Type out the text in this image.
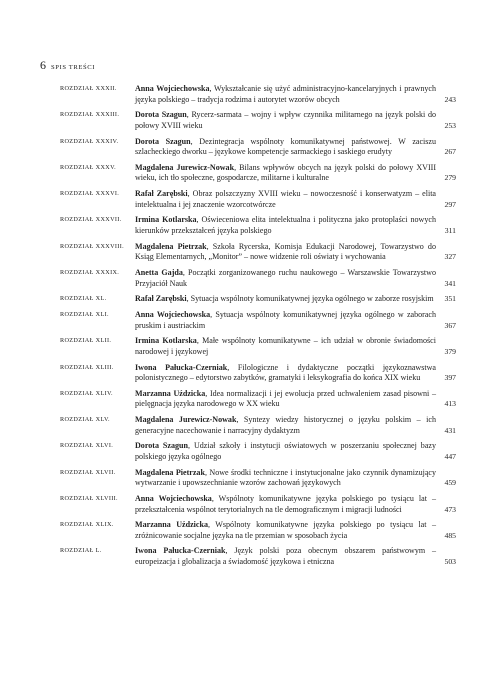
6 SPIS TREŚCI
ROZDZIAŁ XXXII. Anna Wojciechowska, Wykształcanie się użyć administracyjno-kancelaryjnych i prawnych języka polskiego – tradycja rodzima i autorytet wzorów obcych	243
ROZDZIAŁ XXXIII. Dorota Szagun, Rycerz-sarmata – wojny i wpływ czynnika militarnego na język polski do połowy XVIII wieku	253
ROZDZIAŁ XXXIV. Dorota Szagun, Dezintegracja wspólnoty komunikatywnej państwowej. W zaciszu szlacheckiego dworku – językowe kompetencje sarmackiego i saskiego erudyty	267
ROZDZIAŁ XXXV. Magdalena Jurewicz-Nowak, Bilans wpływów obcych na język polski do połowy XVIII wieku, ich tło społeczne, gospodarcze, militarne i kulturalne	279
ROZDZIAŁ XXXVI. Rafał Zarębski, Obraz polszczyzny XVIII wieku – nowoczesność i konserwatyzm – elita intelektualna i jej znaczenie wzorcotwórcze	297
ROZDZIAŁ XXXVII. Irmina Kotlarska, Oświeceniowa elita intelektualna i polityczna jako protoplaści nowych kierunków przekształceń języka polskiego	311
ROZDZIAŁ XXXVIII. Magdalena Pietrzak, Szkoła Rycerska, Komisja Edukacji Narodowej, Towarzystwo do Ksiąg Elementarnych, „Monitor” – nowe widzenie roli oświaty i wychowania	327
ROZDZIAŁ XXXIX. Anetta Gajda, Początki zorganizowanego ruchu naukowego – Warszawskie Towarzystwo Przyjaciół Nauk	341
ROZDZIAŁ XL.	Rafał Zarębski, Sytuacja wspólnoty komunikatywnej języka ogólnego w zaborze rosyjskim	351
ROZDZIAŁ XLI.	Anna Wojciechowska, Sytuacja wspólnoty komunikatywnej języka ogólnego w zaborach pruskim i austriackim	367
ROZDZIAŁ XLII.	Irmina Kotlarska, Małe wspólnoty komunikatywne – ich udział w obronie świadomości narodowej i językowej	379
ROZDZIAŁ XLIII.	Iwona Pałucka-Czerniak, Filologiczne i dydaktyczne początki językoznawstwa polonistycznego – edytorstwo zabytków, gramatyki i leksykografia do końca XIX wieku	397
ROZDZIAŁ XLIV.	Marzanna Uździcka, Idea normalizacji i jej ewolucja przed uchwaleniem zasad pisowni – pielęgnacja języka narodowego w XX wieku	413
ROZDZIAŁ XLV.	Magdalena Jurewicz-Nowak, Syntezy wiedzy historycznej o języku polskim – ich generacyjne nacechowanie i narracyjny dydaktyzm	431
ROZDZIAŁ XLVI.	Dorota Szagun, Udział szkoły i instytucji oświatowych w poszerzaniu społecznej bazy polskiego języka ogólnego	447
ROZDZIAŁ XLVII. Magdalena Pietrzak, Nowe środki techniczne i instytucjonalne jako czynnik dynamizujący wytwarzanie i upowszechnianie wzorów zachowań językowych	459
ROZDZIAŁ XLVIII. Anna Wojciechowska, Wspólnoty komunikatywne języka polskiego po tysiącu lat – przekształcenia wspólnot terytorialnych na tle demograficznym i migracji ludności	473
ROZDZIAŁ XLIX.	Marzanna Uździcka, Wspólnoty komunikatywne języka polskiego po tysiącu lat – zróżnicowanie socjalne języka na tle przemian w sposobach życia	485
ROZDZIAŁ L.	Iwona Pałucka-Czerniak, Język polski poza obecnym obszarem państwowym – europeizacja i globalizacja a świadomość językowa i etniczna	503
